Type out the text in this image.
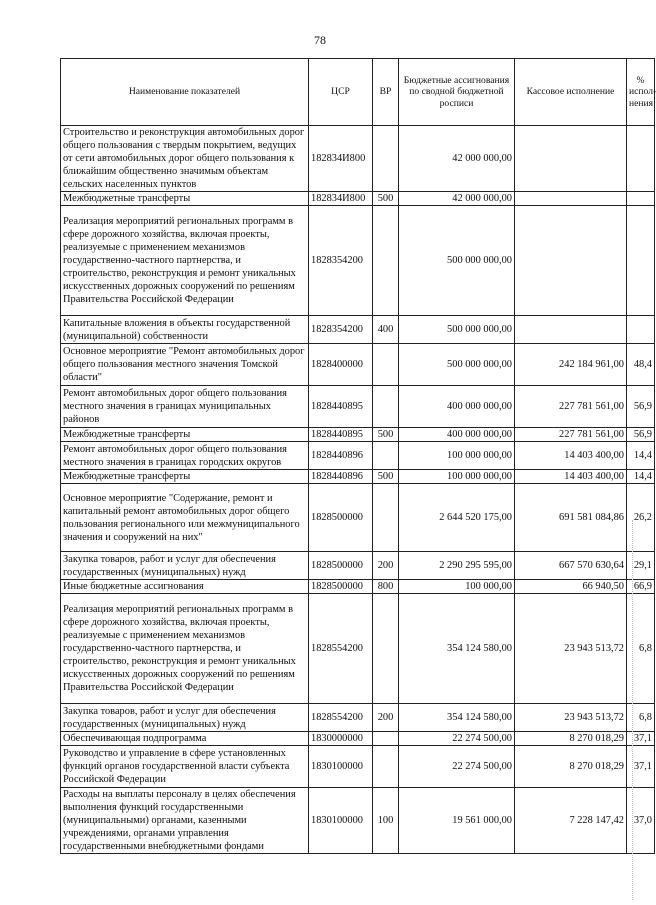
78
Наименование показателей	ЦСР	ВР	Бюджетные ассигнования по сводной бюджетной росписи	Кассовое исполнение	% испол-нения
Строительство и реконструкция автомобильных дорог общего пользования с твердым покрытием, ведущих от сети автомобильных дорог общего пользования к ближайшим общественно значимым объектам сельских населенных пунктов	182834И800		42 000 000,00		
Межбюджетные трансферты	182834И800	500	42 000 000,00		
Реализация мероприятий региональных программ в сфере дорожного хозяйства, включая проекты, реализуемые с применением механизмов государственно-частного партнерства, и строительство, реконструкция и ремонт уникальных искусственных дорожных сооружений по решениям Правительства Российской Федерации	1828354200		500 000 000,00		
Капитальные вложения в объекты государственной (муниципальной) собственности	1828354200	400	500 000 000,00		
Основное мероприятие "Ремонт автомобильных дорог общего пользования местного значения Томской области"	1828400000		500 000 000,00	242 184 961,00	48,4
Ремонт автомобильных дорог общего пользования местного значения в границах муниципальных районов	1828440895		400 000 000,00	227 781 561,00	56,9
Межбюджетные трансферты	1828440895	500	400 000 000,00	227 781 561,00	56,9
Ремонт автомобильных дорог общего пользования местного значения в границах городских округов	1828440896		100 000 000,00	14 403 400,00	14,4
Межбюджетные трансферты	1828440896	500	100 000 000,00	14 403 400,00	14,4
Основное мероприятие "Содержание, ремонт и капитальный ремонт автомобильных дорог общего пользования регионального или межмуниципального значения и сооружений на них"	1828500000		2 644 520 175,00	691 581 084,86	26,2
Закупка товаров, работ и услуг для обеспечения государственных (муниципальных) нужд	1828500000	200	2 290 295 595,00	667 570 630,64	29,1
Иные бюджетные ассигнования	1828500000	800	100 000,00	66 940,50	66,9
Реализация мероприятий региональных программ в сфере дорожного хозяйства, включая проекты, реализуемые с применением механизмов государственно-частного партнерства, и строительство, реконструкция и ремонт уникальных искусственных дорожных сооружений по решениям Правительства Российской Федерации	1828554200		354 124 580,00	23 943 513,72	6,8
Закупка товаров, работ и услуг для обеспечения государственных (муниципальных) нужд	1828554200	200	354 124 580,00	23 943 513,72	6,8
Обеспечивающая подпрограмма	1830000000		22 274 500,00	8 270 018,29	37,1
Руководство и управление в сфере установленных функций органов государственной власти субъекта Российской Федерации	1830100000		22 274 500,00	8 270 018,29	37,1
Расходы на выплаты персоналу в целях обеспечения выполнения функций государственными (муниципальными) органами, казенными учреждениями, органами управления государственными внебюджетными фондами	1830100000	100	19 561 000,00	7 228 147,42	37,0
